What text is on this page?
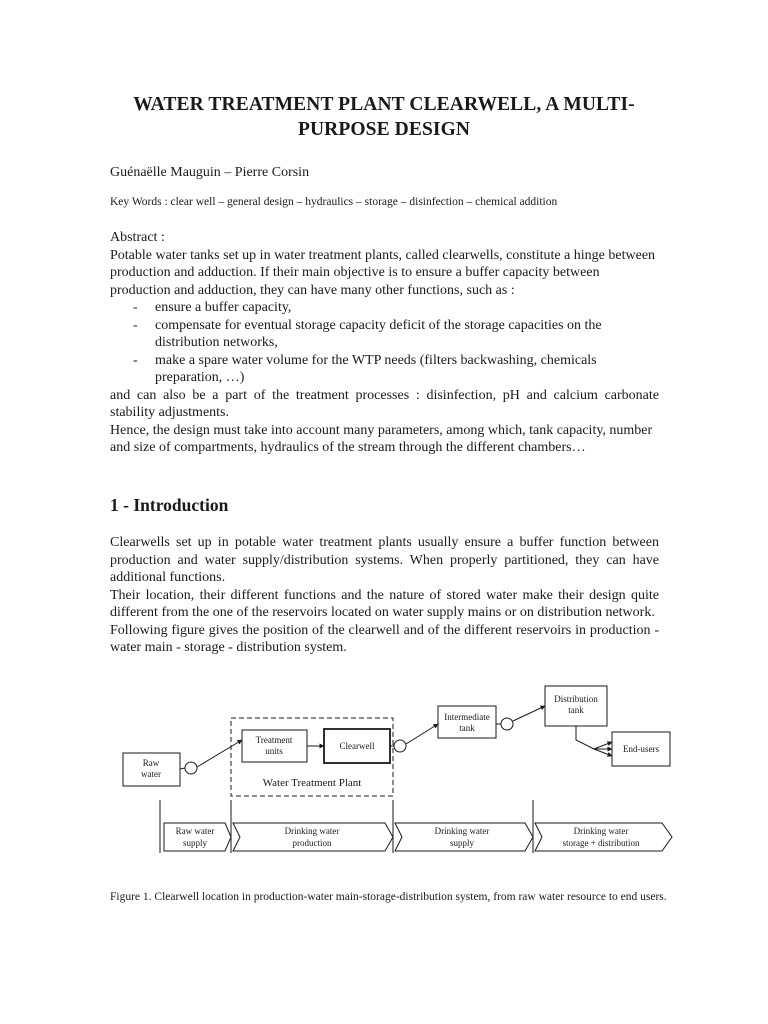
WATER TREATMENT PLANT CLEARWELL, A MULTI-PURPOSE DESIGN

Guénaëlle Mauguin – Pierre Corsin

Key Words : clear well – general design – hydraulics – storage – disinfection – chemical addition

Abstract :

Potable water tanks set up in water treatment plants, called clearwells, constitute a hinge between production and adduction. If their main objective is to ensure a buffer capacity between production and adduction, they can have many other functions, such as :

- ensure a buffer capacity,
- compensate for eventual storage capacity deficit of the storage capacities on the distribution networks,
- make a spare water volume for the WTP needs (filters backwashing, chemicals preparation, …)

and can also be a part of the treatment processes : disinfection, pH and calcium carbonate stability adjustments.

Hence, the design must take into account many parameters, among which, tank capacity, number and size of compartments, hydraulics of the stream through the different chambers…

1 - Introduction

Clearwells set up in potable water treatment plants usually ensure a buffer function between production and water supply/distribution systems. When properly partitioned, they can have additional functions.

Their location, their different functions and the nature of stored water make their design quite different from the one of the reservoirs located on water supply mains or on distribution network.

Following figure gives the position of the clearwell and of the different reservoirs in production - water main - storage - distribution system.

Raw
water
Treatment
units	Clearwell
Intermediate
tank
Distribution
tank
End-users
Water Treatment Plant
Raw water
supply
Drinking water
production
Drinking water
supply
Drinking water
storage + distribution

Figure 1. Clearwell location in production-water main-storage-distribution system, from raw water resource to end users.
